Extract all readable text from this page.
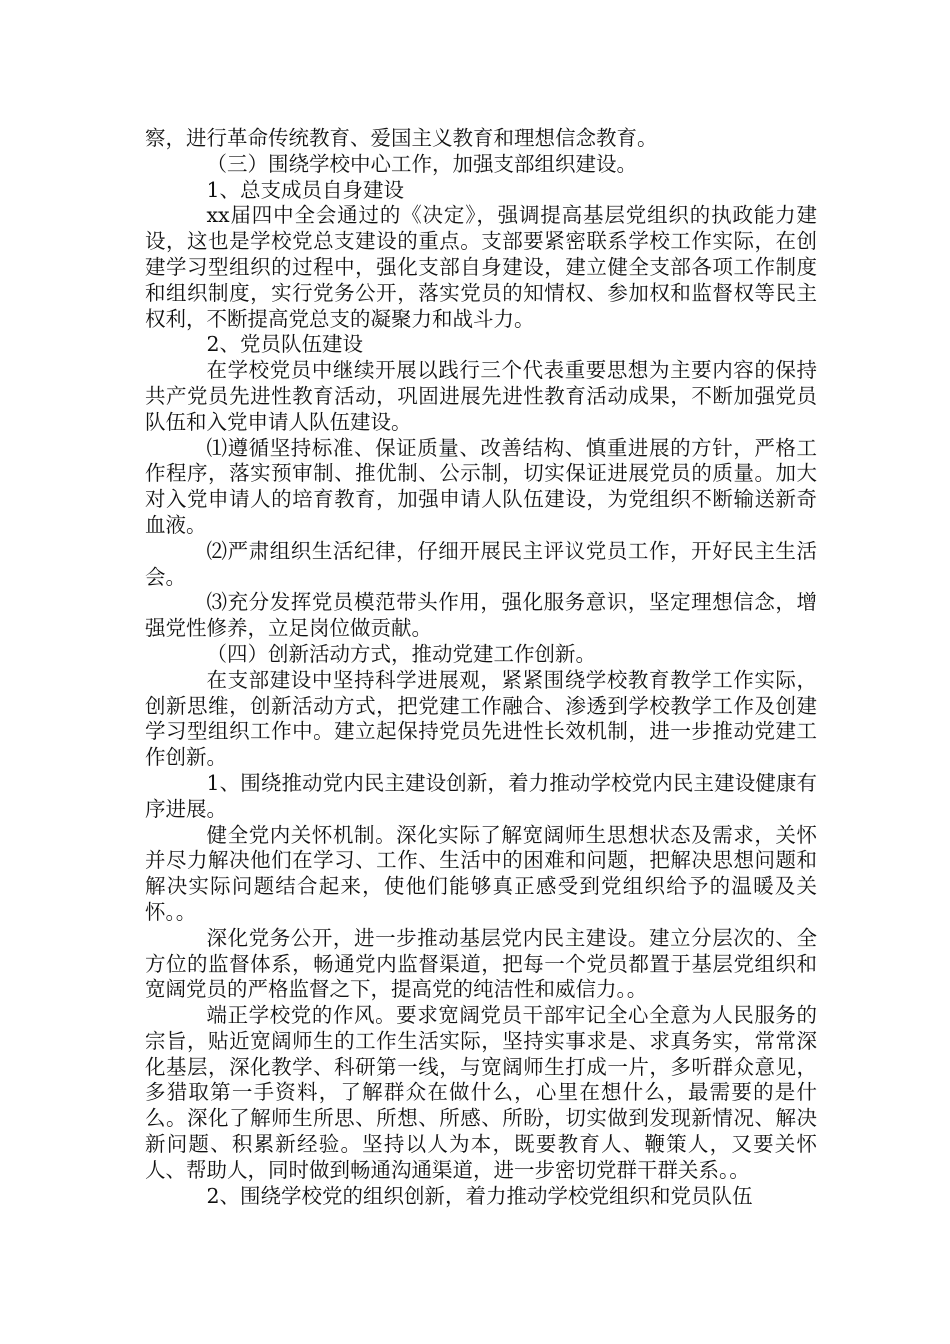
察，进行革命传统教育、爱国主义教育和理想信念教育。

（三）围绕学校中心工作，加强支部组织建设。

1、总支成员自身建设

xx届四中全会通过的《决定》，强调提高基层党组织的执政能力建设，这也是学校党总支建设的重点。支部要紧密联系学校工作实际，在创建学习型组织的过程中，强化支部自身建设，建立健全支部各项工作制度和组织制度，实行党务公开，落实党员的知情权、参加权和监督权等民主权利，不断提高党总支的凝聚力和战斗力。

2、党员队伍建设

在学校党员中继续开展以践行三个代表重要思想为主要内容的保持共产党员先进性教育活动，巩固进展先进性教育活动成果，不断加强党员队伍和入党申请人队伍建设。

⑴遵循坚持标准、保证质量、改善结构、慎重进展的方针，严格工作程序，落实预审制、推优制、公示制，切实保证进展党员的质量。加大对入党申请人的培育教育，加强申请人队伍建设，为党组织不断输送新奇血液。

⑵严肃组织生活纪律，仔细开展民主评议党员工作，开好民主生活会。

⑶充分发挥党员模范带头作用，强化服务意识，坚定理想信念，增强党性修养，立足岗位做贡献。

（四）创新活动方式，推动党建工作创新。

在支部建设中坚持科学进展观，紧紧围绕学校教育教学工作实际，创新思维，创新活动方式，把党建工作融合、渗透到学校教学工作及创建学习型组织工作中。建立起保持党员先进性长效机制，进一步推动党建工作创新。

1、围绕推动党内民主建设创新，着力推动学校党内民主建设健康有序进展。

健全党内关怀机制。深化实际了解宽阔师生思想状态及需求，关怀并尽力解决他们在学习、工作、生活中的困难和问题，把解决思想问题和解决实际问题结合起来，使他们能够真正感受到党组织给予的温暖及关怀。。

深化党务公开，进一步推动基层党内民主建设。建立分层次的、全方位的监督体系，畅通党内监督渠道，把每一个党员都置于基层党组织和宽阔党员的严格监督之下，提高党的纯洁性和威信力。。

端正学校党的作风。要求宽阔党员干部牢记全心全意为人民服务的宗旨，贴近宽阔师生的工作生活实际，坚持实事求是、求真务实，常常深化基层，深化教学、科研第一线，与宽阔师生打成一片，多听群众意见，多猎取第一手资料，了解群众在做什么，心里在想什么，最需要的是什么。深化了解师生所思、所想、所感、所盼，切实做到发现新情况、解决新问题、积累新经验。坚持以人为本，既要教育人、鞭策人，又要关怀人、帮助人，同时做到畅通沟通渠道，进一步密切党群干群关系。。

2、围绕学校党的组织创新，着力推动学校党组织和党员队伍
